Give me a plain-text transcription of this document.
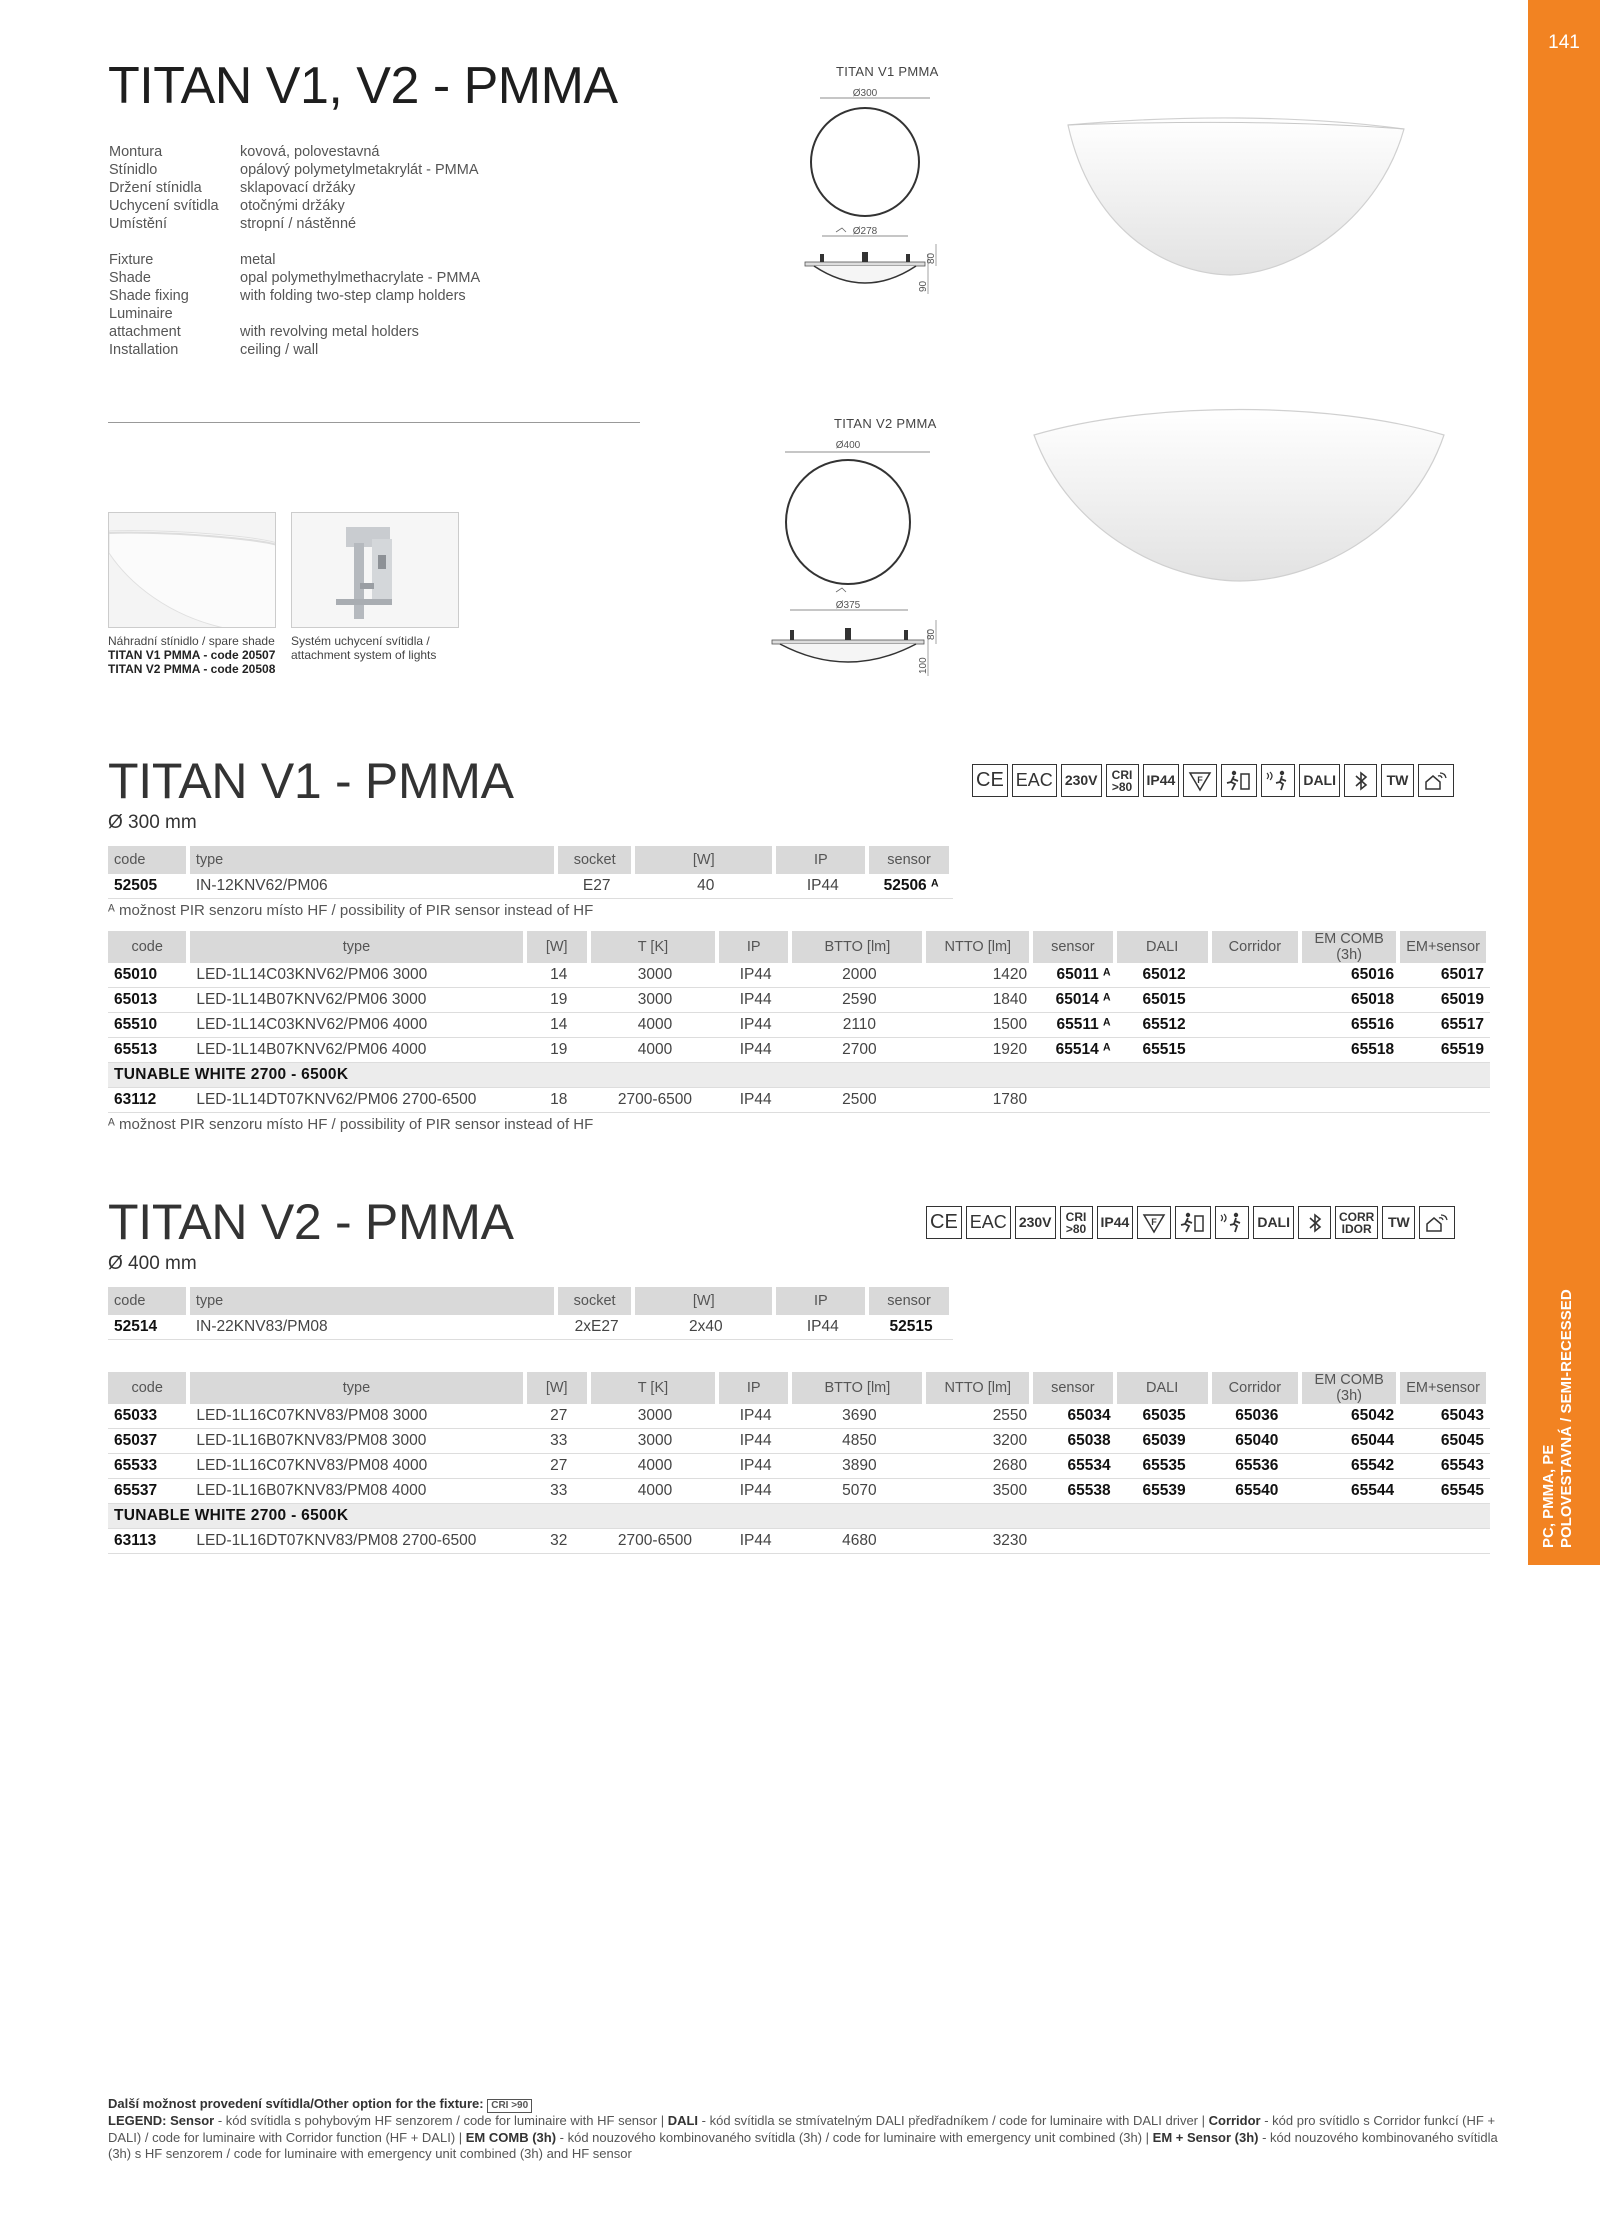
141
PC, PMMA, PE POLOVESTAVNÁ / SEMI-RECESSED
TITAN V1, V2 - PMMA
Montura	kovová, polovestavná
Stínidlo	opálový polymetylmetakrylát - PMMA
Držení stínidla	sklapovací držáky
Uchycení svítidla	otočnými držáky
Umístění	stropní / nástěnné
Fixture	metal
Shade	opal polymethylmethacrylate - PMMA
Shade fixing	with folding two-step clamp holders
Luminaire
attachment	with revolving metal holders
Installation	ceiling / wall
Náhradní stínidlo / spare shade
TITAN V1 PMMA - code 20507
TITAN V2 PMMA - code 20508
Systém uchycení svítidla /
attachment system of lights
TITAN V1 PMMA
Ø300
Ø278
90
80
TITAN V2 PMMA
Ø400
Ø375
100
80
TITAN V1 - PMMA
Ø 300 mm
CE EAC 230V	CRI
>80 IP44	F	DALI	TW
code	type	socket	[W]	IP	sensor
52505	IN-12KNV62/PM06	E27	40	IP44	52506 ᴬ
ᴬ možnost PIR senzoru místo HF / possibility of PIR sensor instead of HF
code	type	[W]	T [K]	IP	BTTO [lm]	NTTO [lm]	sensor	DALI	Corridor	EM COMB (3h)	EM+sensor
65010	LED-1L14C03KNV62/PM06 3000	14	3000	IP44	2000	1420	65011 ᴬ	65012		65016	65017
65013	LED-1L14B07KNV62/PM06 3000	19	3000	IP44	2590	1840	65014 ᴬ	65015		65018	65019
65510	LED-1L14C03KNV62/PM06 4000	14	4000	IP44	2110	1500	65511 ᴬ	65512		65516	65517
65513	LED-1L14B07KNV62/PM06 4000	19	4000	IP44	2700	1920	65514 ᴬ	65515		65518	65519
TUNABLE WHITE 2700 - 6500K											
63112	LED-1L14DT07KNV62/PM06 2700-6500	18	2700-6500	IP44	2500	1780					
ᴬ možnost PIR senzoru místo HF / possibility of PIR sensor instead of HF
TITAN V2 - PMMA
Ø 400 mm
CE EAC 230V	CRI
>80 IP44	F	DALI	CORR
IDOR	TW
code	type	socket	[W]	IP	sensor
52514	IN-22KNV83/PM08	2xE27	2x40	IP44	52515
code	type	[W]	T [K]	IP	BTTO [lm]	NTTO [lm]	sensor	DALI	Corridor	EM COMB (3h)	EM+sensor
65033	LED-1L16C07KNV83/PM08 3000	27	3000	IP44	3690	2550	65034	65035	65036	65042	65043
65037	LED-1L16B07KNV83/PM08 3000	33	3000	IP44	4850	3200	65038	65039	65040	65044	65045
65533	LED-1L16C07KNV83/PM08 4000	27	4000	IP44	3890	2680	65534	65535	65536	65542	65543
65537	LED-1L16B07KNV83/PM08 4000	33	4000	IP44	5070	3500	65538	65539	65540	65544	65545
TUNABLE WHITE 2700 - 6500K											
63113	LED-1L16DT07KNV83/PM08 2700-6500	32	2700-6500	IP44	4680	3230					
Další možnost provedení svítidla/Other option for the fixture: CRI >90
LEGEND: Sensor - kód svítidla s pohybovým HF senzorem / code for luminaire with HF sensor | DALI - kód svítidla se stmívatelným DALI předřadníkem / code for luminaire with DALI driver | Corridor - kód pro svítidlo s Corridor funkcí (HF + DALI) / code for luminaire with Corridor function (HF + DALI) | EM COMB (3h) - kód nouzového kombinovaného svítidla (3h) / code for luminaire with emergency unit combined (3h) | EM + Sensor (3h) - kód nouzového kombinovaného svítidla (3h) s HF senzorem / code for luminaire with emergency unit combined (3h) and HF sensor
